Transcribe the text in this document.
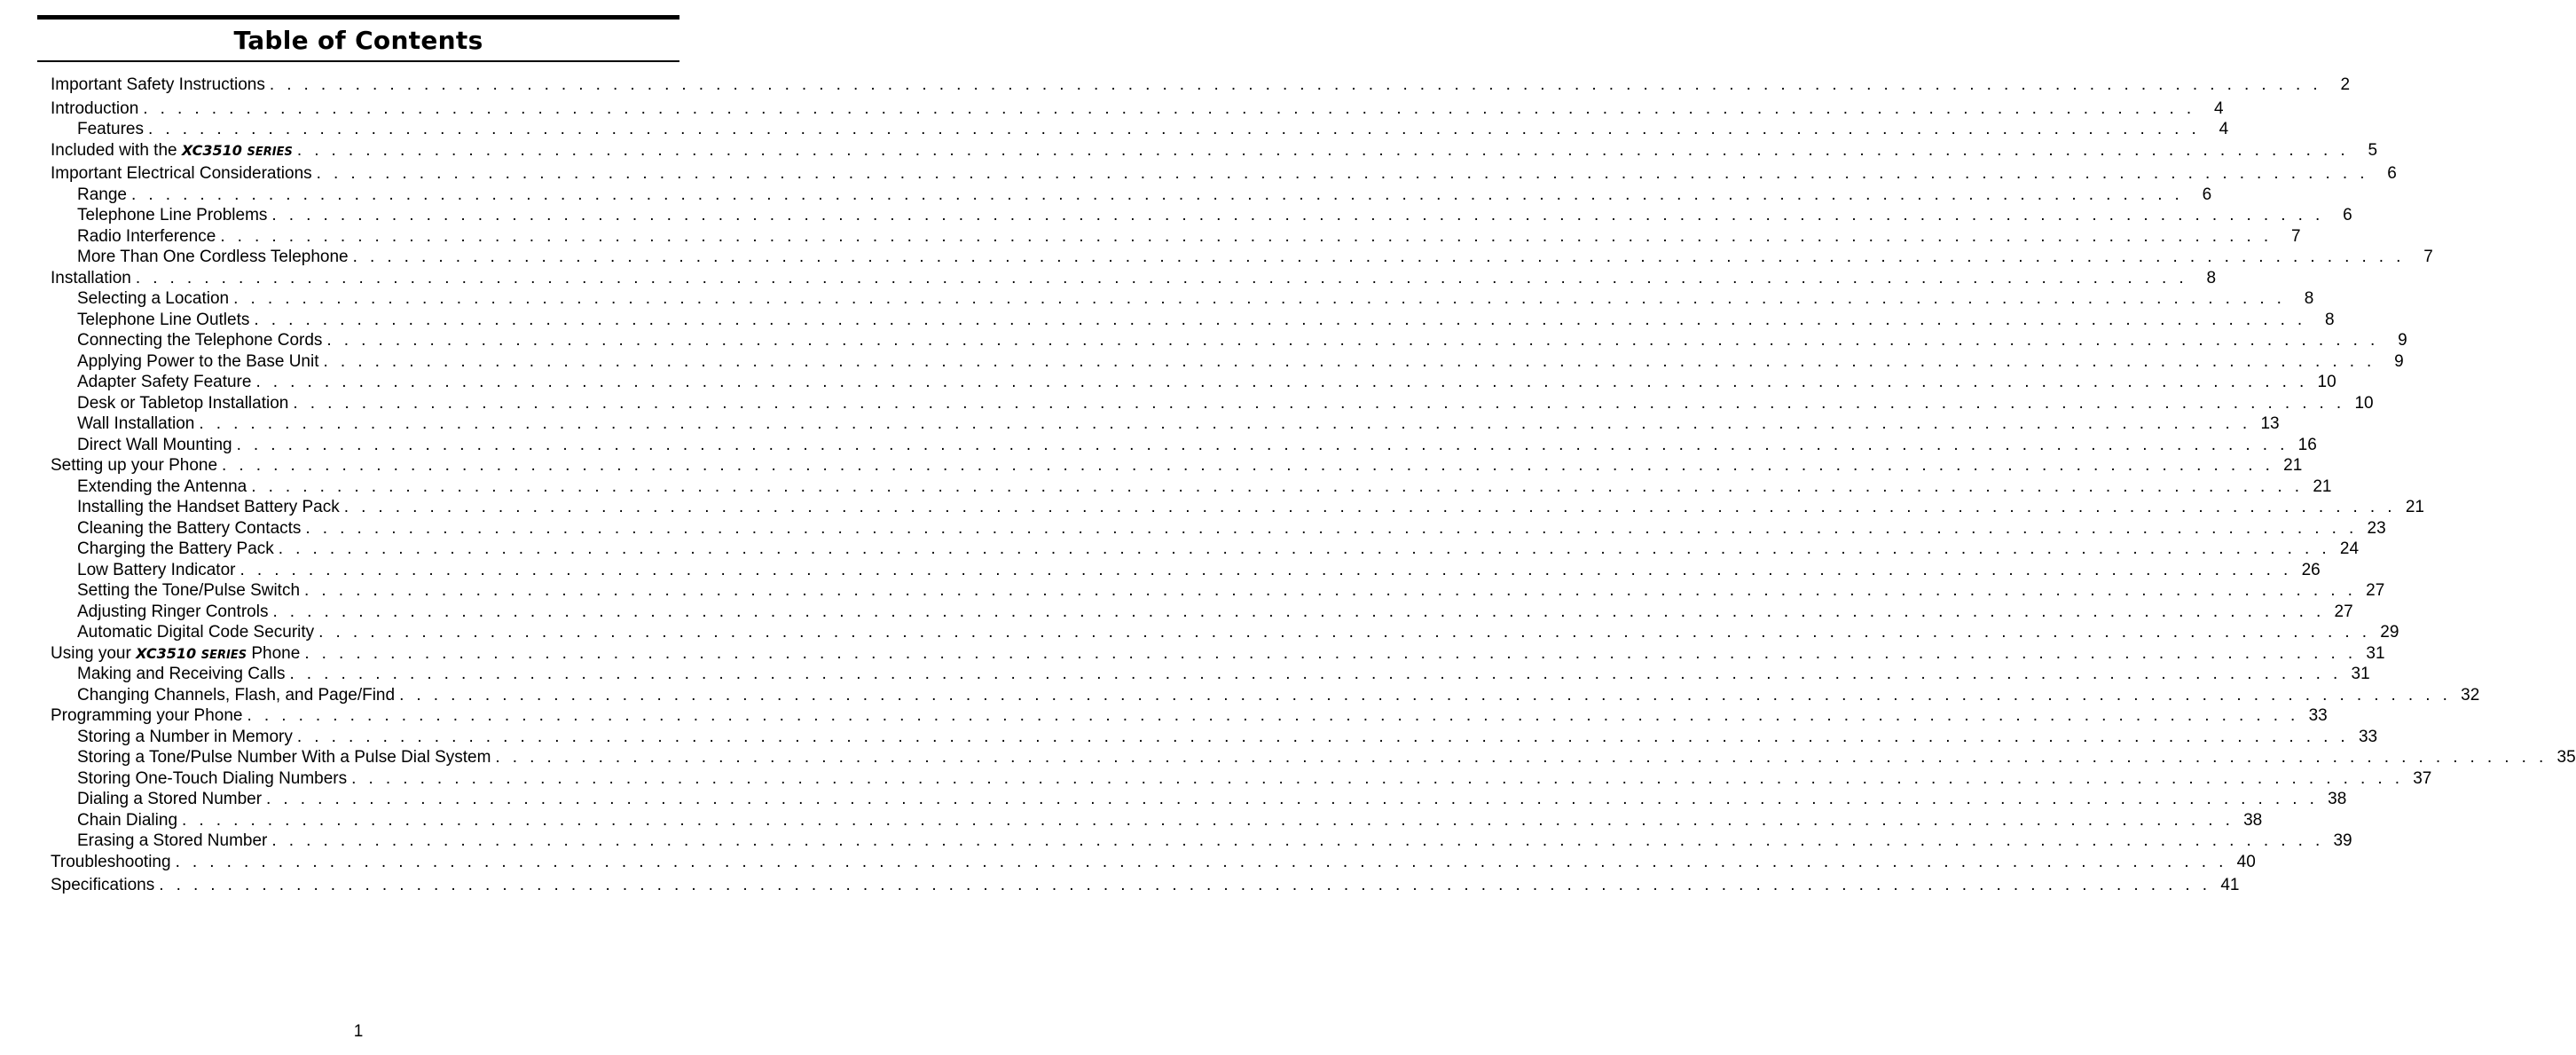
Table of Contents
Important Safety Instructions . . . . . . . . . . . . . . . . . . . . . . . . . . . . . . . . . . . . . . . . . . . . . . . . . . . . . . . . . . . . . . . . . . . . . . . . . . . . . . . . . . . . . . . . . . . . . . . . . . . . . . . . . . . . . . . . . . . . . . . .	2
Introduction . . . . . . . . . . . . . . . . . . . . . . . . . . . . . . . . . . . . . . . . . . . . . . . . . . . . . . . . . . . . . . . . . . . . . . . . . . . . . . . . . . . . . . . . . . . . . . . . . . . . . . . . . . . . . . . . . . . . . . . .	4
Features . . . . . . . . . . . . . . . . . . . . . . . . . . . . . . . . . . . . . . . . . . . . . . . . . . . . . . . . . . . . . . . . . . . . . . . . . . . . . . . . . . . . . . . . . . . . . . . . . . . . . . . . . . . . . . . . . . . . . . . .	4
Included with the XC3510 SERIES . . . . . . . . . . . . . . . . . . . . . . . . . . . . . . . . . . . . . . . . . . . . . . . . . . . . . . . . . . . . . . . . . . . . . . . . . . . . . . . . . . . . . . . . . . . . . . . . . . . . . . . . . . . . . . . . . . . . . . . .	5
Important Electrical Considerations . . . . . . . . . . . . . . . . . . . . . . . . . . . . . . . . . . . . . . . . . . . . . . . . . . . . . . . . . . . . . . . . . . . . . . . . . . . . . . . . . . . . . . . . . . . . . . . . . . . . . . . . . . . . . . . . . . . . . . . .	6
Range . . . . . . . . . . . . . . . . . . . . . . . . . . . . . . . . . . . . . . . . . . . . . . . . . . . . . . . . . . . . . . . . . . . . . . . . . . . . . . . . . . . . . . . . . . . . . . . . . . . . . . . . . . . . . . . . . . . . . . . .	6
Telephone Line Problems . . . . . . . . . . . . . . . . . . . . . . . . . . . . . . . . . . . . . . . . . . . . . . . . . . . . . . . . . . . . . . . . . . . . . . . . . . . . . . . . . . . . . . . . . . . . . . . . . . . . . . . . . . . . . . . . . . . . . . . .	6
Radio Interference . . . . . . . . . . . . . . . . . . . . . . . . . . . . . . . . . . . . . . . . . . . . . . . . . . . . . . . . . . . . . . . . . . . . . . . . . . . . . . . . . . . . . . . . . . . . . . . . . . . . . . . . . . . . . . . . . . . . . . . .	7
More Than One Cordless Telephone . . . . . . . . . . . . . . . . . . . . . . . . . . . . . . . . . . . . . . . . . . . . . . . . . . . . . . . . . . . . . . . . . . . . . . . . . . . . . . . . . . . . . . . . . . . . . . . . . . . . . . . . . . . . . . . . . . . . . . . .	7
Installation . . . . . . . . . . . . . . . . . . . . . . . . . . . . . . . . . . . . . . . . . . . . . . . . . . . . . . . . . . . . . . . . . . . . . . . . . . . . . . . . . . . . . . . . . . . . . . . . . . . . . . . . . . . . . . . . . . . . . . . .	8
Selecting a Location . . . . . . . . . . . . . . . . . . . . . . . . . . . . . . . . . . . . . . . . . . . . . . . . . . . . . . . . . . . . . . . . . . . . . . . . . . . . . . . . . . . . . . . . . . . . . . . . . . . . . . . . . . . . . . . . . . . . . . . .	8
Telephone Line Outlets . . . . . . . . . . . . . . . . . . . . . . . . . . . . . . . . . . . . . . . . . . . . . . . . . . . . . . . . . . . . . . . . . . . . . . . . . . . . . . . . . . . . . . . . . . . . . . . . . . . . . . . . . . . . . . . . . . . . . . . .	8
Connecting the Telephone Cords . . . . . . . . . . . . . . . . . . . . . . . . . . . . . . . . . . . . . . . . . . . . . . . . . . . . . . . . . . . . . . . . . . . . . . . . . . . . . . . . . . . . . . . . . . . . . . . . . . . . . . . . . . . . . . . . . . . . . . . .	9
Applying Power to the Base Unit . . . . . . . . . . . . . . . . . . . . . . . . . . . . . . . . . . . . . . . . . . . . . . . . . . . . . . . . . . . . . . . . . . . . . . . . . . . . . . . . . . . . . . . . . . . . . . . . . . . . . . . . . . . . . . . . . . . . . . . .	9
Adapter Safety Feature . . . . . . . . . . . . . . . . . . . . . . . . . . . . . . . . . . . . . . . . . . . . . . . . . . . . . . . . . . . . . . . . . . . . . . . . . . . . . . . . . . . . . . . . . . . . . . . . . . . . . . . . . . . . . . . . . . . . . . . . 10
Desk or Tabletop Installation . . . . . . . . . . . . . . . . . . . . . . . . . . . . . . . . . . . . . . . . . . . . . . . . . . . . . . . . . . . . . . . . . . . . . . . . . . . . . . . . . . . . . . . . . . . . . . . . . . . . . . . . . . . . . . . . . . . . . . . . 10
Wall Installation . . . . . . . . . . . . . . . . . . . . . . . . . . . . . . . . . . . . . . . . . . . . . . . . . . . . . . . . . . . . . . . . . . . . . . . . . . . . . . . . . . . . . . . . . . . . . . . . . . . . . . . . . . . . . . . . . . . . . . . . 13
Direct Wall Mounting . . . . . . . . . . . . . . . . . . . . . . . . . . . . . . . . . . . . . . . . . . . . . . . . . . . . . . . . . . . . . . . . . . . . . . . . . . . . . . . . . . . . . . . . . . . . . . . . . . . . . . . . . . . . . . . . . . . . . . . . 16
Setting up your Phone . . . . . . . . . . . . . . . . . . . . . . . . . . . . . . . . . . . . . . . . . . . . . . . . . . . . . . . . . . . . . . . . . . . . . . . . . . . . . . . . . . . . . . . . . . . . . . . . . . . . . . . . . . . . . . . . . . . . . . . . 21
Extending the Antenna . . . . . . . . . . . . . . . . . . . . . . . . . . . . . . . . . . . . . . . . . . . . . . . . . . . . . . . . . . . . . . . . . . . . . . . . . . . . . . . . . . . . . . . . . . . . . . . . . . . . . . . . . . . . . . . . . . . . . . . . 21
Installing the Handset Battery Pack . . . . . . . . . . . . . . . . . . . . . . . . . . . . . . . . . . . . . . . . . . . . . . . . . . . . . . . . . . . . . . . . . . . . . . . . . . . . . . . . . . . . . . . . . . . . . . . . . . . . . . . . . . . . . . . . . . . . . . . . 21
Cleaning the Battery Contacts . . . . . . . . . . . . . . . . . . . . . . . . . . . . . . . . . . . . . . . . . . . . . . . . . . . . . . . . . . . . . . . . . . . . . . . . . . . . . . . . . . . . . . . . . . . . . . . . . . . . . . . . . . . . . . . . . . . . . . . . 23
Charging the Battery Pack . . . . . . . . . . . . . . . . . . . . . . . . . . . . . . . . . . . . . . . . . . . . . . . . . . . . . . . . . . . . . . . . . . . . . . . . . . . . . . . . . . . . . . . . . . . . . . . . . . . . . . . . . . . . . . . . . . . . . . . . 24
Low Battery Indicator . . . . . . . . . . . . . . . . . . . . . . . . . . . . . . . . . . . . . . . . . . . . . . . . . . . . . . . . . . . . . . . . . . . . . . . . . . . . . . . . . . . . . . . . . . . . . . . . . . . . . . . . . . . . . . . . . . . . . . . . 26
Setting the Tone/Pulse Switch . . . . . . . . . . . . . . . . . . . . . . . . . . . . . . . . . . . . . . . . . . . . . . . . . . . . . . . . . . . . . . . . . . . . . . . . . . . . . . . . . . . . . . . . . . . . . . . . . . . . . . . . . . . . . . . . . . . . . . . . 27
Adjusting Ringer Controls . . . . . . . . . . . . . . . . . . . . . . . . . . . . . . . . . . . . . . . . . . . . . . . . . . . . . . . . . . . . . . . . . . . . . . . . . . . . . . . . . . . . . . . . . . . . . . . . . . . . . . . . . . . . . . . . . . . . . . . . 27
Automatic Digital Code Security . . . . . . . . . . . . . . . . . . . . . . . . . . . . . . . . . . . . . . . . . . . . . . . . . . . . . . . . . . . . . . . . . . . . . . . . . . . . . . . . . . . . . . . . . . . . . . . . . . . . . . . . . . . . . . . . . . . . . . . . 29
Using your XC3510 SERIES Phone . . . . . . . . . . . . . . . . . . . . . . . . . . . . . . . . . . . . . . . . . . . . . . . . . . . . . . . . . . . . . . . . . . . . . . . . . . . . . . . . . . . . . . . . . . . . . . . . . . . . . . . . . . . . . . . . . . . . . . . . 31
Making and Receiving Calls . . . . . . . . . . . . . . . . . . . . . . . . . . . . . . . . . . . . . . . . . . . . . . . . . . . . . . . . . . . . . . . . . . . . . . . . . . . . . . . . . . . . . . . . . . . . . . . . . . . . . . . . . . . . . . . . . . . . . . . . 31
Changing Channels, Flash, and Page/Find . . . . . . . . . . . . . . . . . . . . . . . . . . . . . . . . . . . . . . . . . . . . . . . . . . . . . . . . . . . . . . . . . . . . . . . . . . . . . . . . . . . . . . . . . . . . . . . . . . . . . . . . . . . . . . . . . . . . . . . . 32
Programming your Phone . . . . . . . . . . . . . . . . . . . . . . . . . . . . . . . . . . . . . . . . . . . . . . . . . . . . . . . . . . . . . . . . . . . . . . . . . . . . . . . . . . . . . . . . . . . . . . . . . . . . . . . . . . . . . . . . . . . . . . . . 33
Storing a Number in Memory . . . . . . . . . . . . . . . . . . . . . . . . . . . . . . . . . . . . . . . . . . . . . . . . . . . . . . . . . . . . . . . . . . . . . . . . . . . . . . . . . . . . . . . . . . . . . . . . . . . . . . . . . . . . . . . . . . . . . . . . 33
Storing a Tone/Pulse Number With a Pulse Dial System . . . . . . . . . . . . . . . . . . . . . . . . . . . . . . . . . . . . . . . . . . . . . . . . . . . . . . . . . . . . . . . . . . . . . . . . . . . . . . . . . . . . . . . . . . . . . . . . . . . . . . . . . . . . . . . . . . . . . . . . 35
Storing One-Touch Dialing Numbers . . . . . . . . . . . . . . . . . . . . . . . . . . . . . . . . . . . . . . . . . . . . . . . . . . . . . . . . . . . . . . . . . . . . . . . . . . . . . . . . . . . . . . . . . . . . . . . . . . . . . . . . . . . . . . . . . . . . . . . . 37
Dialing a Stored Number . . . . . . . . . . . . . . . . . . . . . . . . . . . . . . . . . . . . . . . . . . . . . . . . . . . . . . . . . . . . . . . . . . . . . . . . . . . . . . . . . . . . . . . . . . . . . . . . . . . . . . . . . . . . . . . . . . . . . . . . 38
Chain Dialing . . . . . . . . . . . . . . . . . . . . . . . . . . . . . . . . . . . . . . . . . . . . . . . . . . . . . . . . . . . . . . . . . . . . . . . . . . . . . . . . . . . . . . . . . . . . . . . . . . . . . . . . . . . . . . . . . . . . . . . . 38
Erasing a Stored Number . . . . . . . . . . . . . . . . . . . . . . . . . . . . . . . . . . . . . . . . . . . . . . . . . . . . . . . . . . . . . . . . . . . . . . . . . . . . . . . . . . . . . . . . . . . . . . . . . . . . . . . . . . . . . . . . . . . . . . . . 39
Troubleshooting . . . . . . . . . . . . . . . . . . . . . . . . . . . . . . . . . . . . . . . . . . . . . . . . . . . . . . . . . . . . . . . . . . . . . . . . . . . . . . . . . . . . . . . . . . . . . . . . . . . . . . . . . . . . . . . . . . . . . . . . 40
Specifications . . . . . . . . . . . . . . . . . . . . . . . . . . . . . . . . . . . . . . . . . . . . . . . . . . . . . . . . . . . . . . . . . . . . . . . . . . . . . . . . . . . . . . . . . . . . . . . . . . . . . . . . . . . . . . . . . . . . . . . . 41
1
